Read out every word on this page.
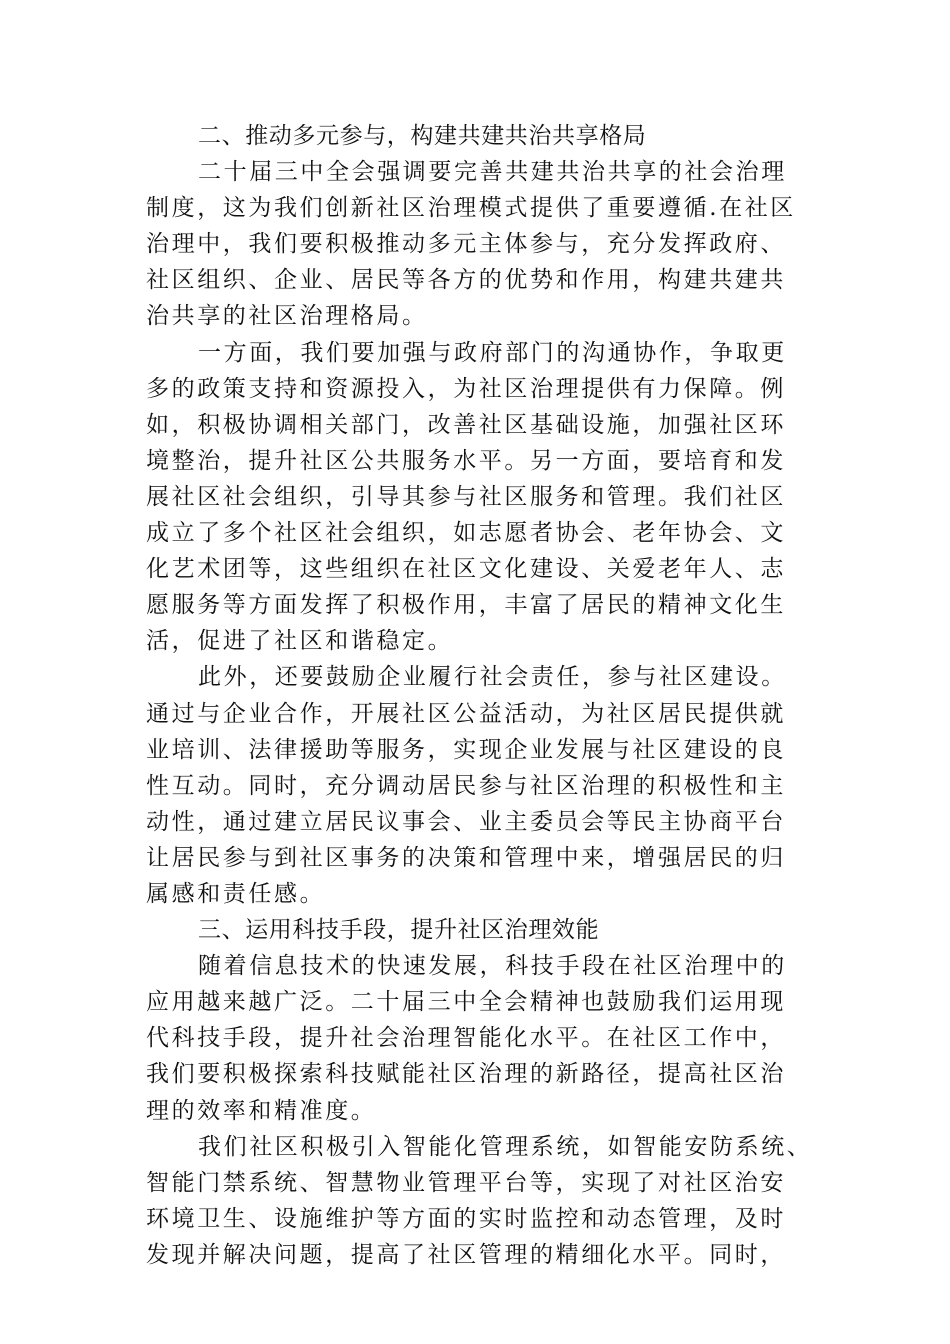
二、推动多元参与，构建共建共治共享格局
二十届三中全会强调要完善共建共治共享的社会治理
制度，这为我们创新社区治理模式提供了重要遵循.在社区
治理中，我们要积极推动多元主体参与，充分发挥政府、
社区组织、企业、居民等各方的优势和作用，构建共建共
治共享的社区治理格局。
一方面，我们要加强与政府部门的沟通协作，争取更
多的政策支持和资源投入，为社区治理提供有力保障。例
如，积极协调相关部门，改善社区基础设施，加强社区环
境整治，提升社区公共服务水平。另一方面，要培育和发
展社区社会组织，引导其参与社区服务和管理。我们社区
成立了多个社区社会组织，如志愿者协会、老年协会、文
化艺术团等，这些组织在社区文化建设、关爱老年人、志
愿服务等方面发挥了积极作用，丰富了居民的精神文化生
活，促进了社区和谐稳定。
此外，还要鼓励企业履行社会责任，参与社区建设。
通过与企业合作，开展社区公益活动，为社区居民提供就
业培训、法律援助等服务，实现企业发展与社区建设的良
性互动。同时，充分调动居民参与社区治理的积极性和主
动性，通过建立居民议事会、业主委员会等民主协商平台
让居民参与到社区事务的决策和管理中来，增强居民的归
属感和责任感。
三、运用科技手段，提升社区治理效能
随着信息技术的快速发展，科技手段在社区治理中的
应用越来越广泛。二十届三中全会精神也鼓励我们运用现
代科技手段，提升社会治理智能化水平。在社区工作中，
我们要积极探索科技赋能社区治理的新路径，提高社区治
理的效率和精准度。
我们社区积极引入智能化管理系统，如智能安防系统、
智能门禁系统、智慧物业管理平台等，实现了对社区治安
环境卫生、设施维护等方面的实时监控和动态管理，及时
发现并解决问题，提高了社区管理的精细化水平。同时，
